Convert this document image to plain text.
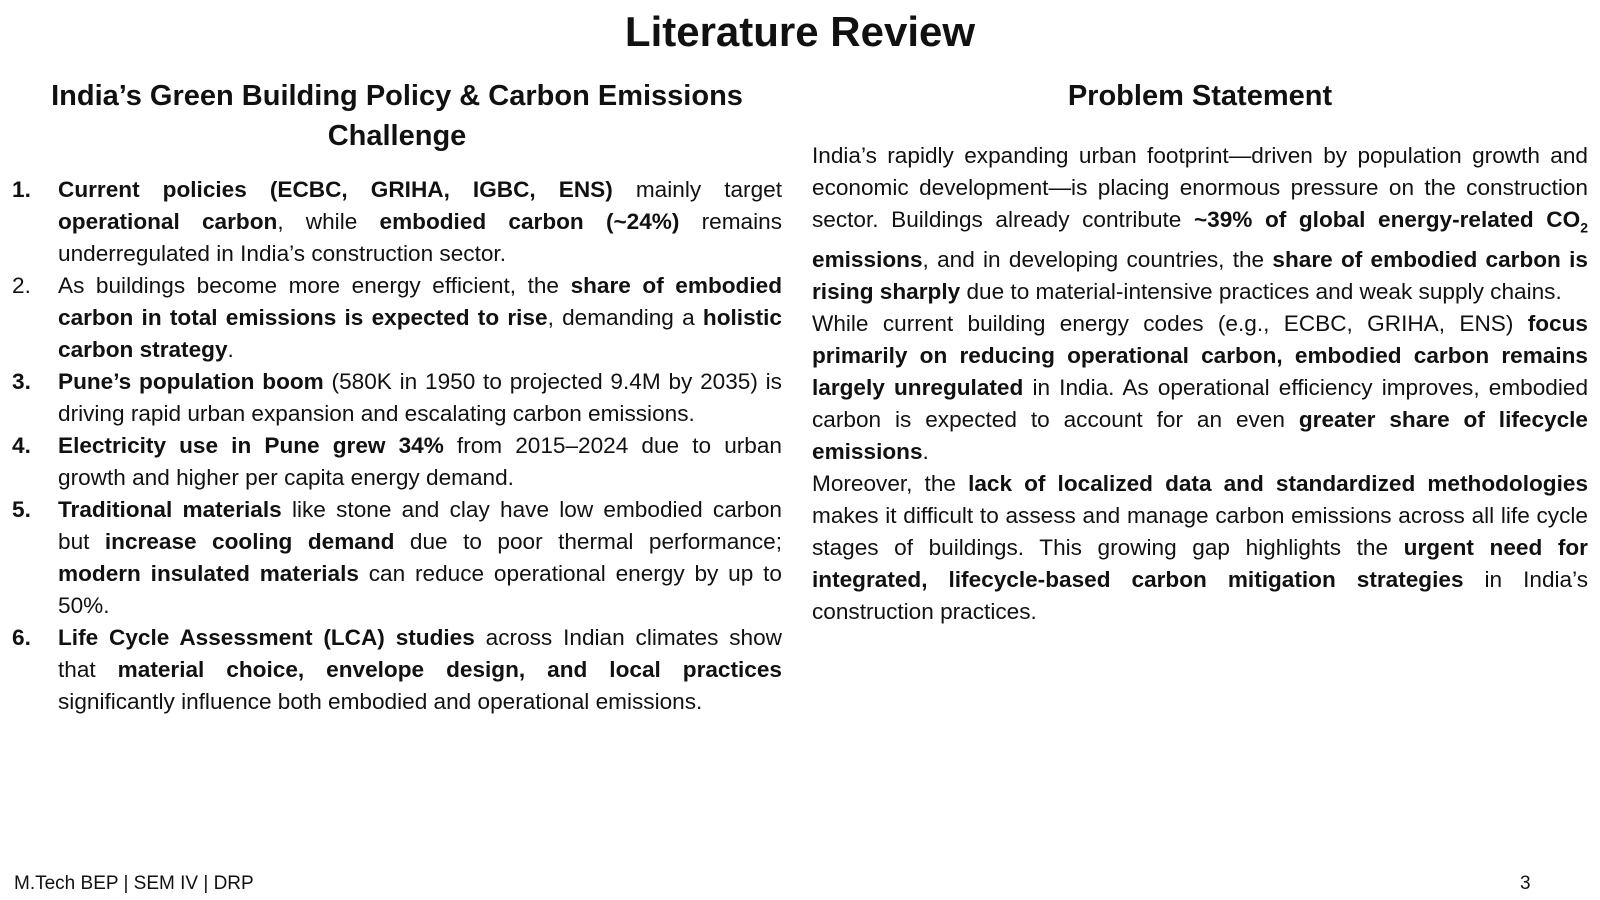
Literature Review
India’s Green Building Policy & Carbon Emissions
Challenge
1.	Current policies (ECBC, GRIHA, IGBC, ENS) mainly target operational carbon, while embodied carbon (~24%) remains underregulated in India’s construction sector.
2.	As buildings become more energy efficient, the share of embodied carbon in total emissions is expected to rise, demanding a holistic carbon strategy.
3.	Pune’s population boom (580K in 1950 to projected 9.4M by 2035) is driving rapid urban expansion and escalating carbon emissions.
4.	Electricity use in Pune grew 34% from 2015–2024 due to urban growth and higher per capita energy demand.
5.	Traditional materials like stone and clay have low embodied carbon but increase cooling demand due to poor thermal performance; modern insulated materials can reduce operational energy by up to 50%.
6.	Life Cycle Assessment (LCA) studies across Indian climates show that material choice, envelope design, and local practices significantly influence both embodied and operational emissions.
Problem Statement

India’s rapidly expanding urban footprint—driven by population growth and economic development—is placing enormous pressure on the construction sector. Buildings already contribute ~39% of global energy-related $CO_2$ emissions, and in developing countries, the share of embodied carbon is rising sharply due to material-intensive practices and weak supply chains.

While current building energy codes (e.g., ECBC, GRIHA, ENS) focus primarily on reducing operational carbon, embodied carbon remains largely unregulated in India. As operational efficiency improves, embodied carbon is expected to account for an even greater share of lifecycle emissions.

Moreover, the lack of localized data and standardized methodologies makes it difficult to assess and manage carbon emissions across all life cycle stages of buildings. This growing gap highlights the urgent need for integrated, lifecycle-based carbon mitigation strategies in India’s construction practices.

M.Tech BEP | SEM IV | DRP	3
